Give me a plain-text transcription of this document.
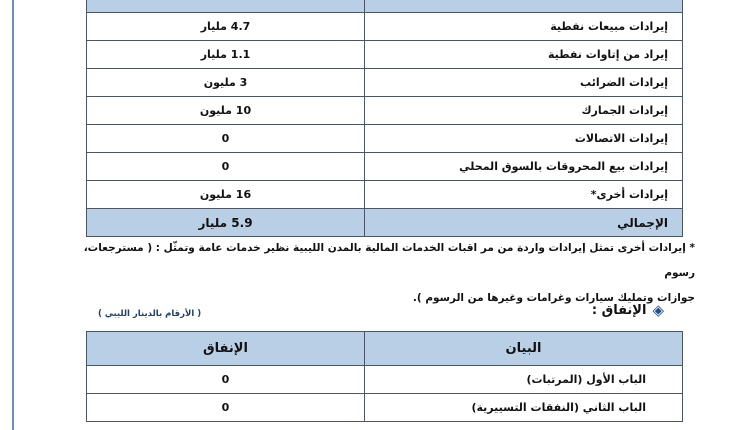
إيرادات مبيعات نفطية	4.7 مليار
إيراد من إتاوات نفطية	1.1 مليار
إيرادات الضرائب	3 مليون
إيرادات الجمارك	10 مليون
إيرادات الاتصالات	0
إيرادات بيع المحروقات بالسوق المحلي	0
إيرادات أخرى*	16 مليون
الإجمالي	5.9 مليار
* إيرادات أخرى تمثل إيرادات واردة من مر اقبات الخدمات المالية بالمدن الليبية نظير خدمات عامة وتمثّل : ( مسترجعات، رسوم
جوازات وتمليك سيارات وغرامات وغيرها من الرسوم ).
◈
الإنفاق :
( الأرقام بالدينار الليبي )
البيان	الإنفاق
الباب الأول (المرتبات)	0
الباب الثاني (النفقات التسييرية)	0
